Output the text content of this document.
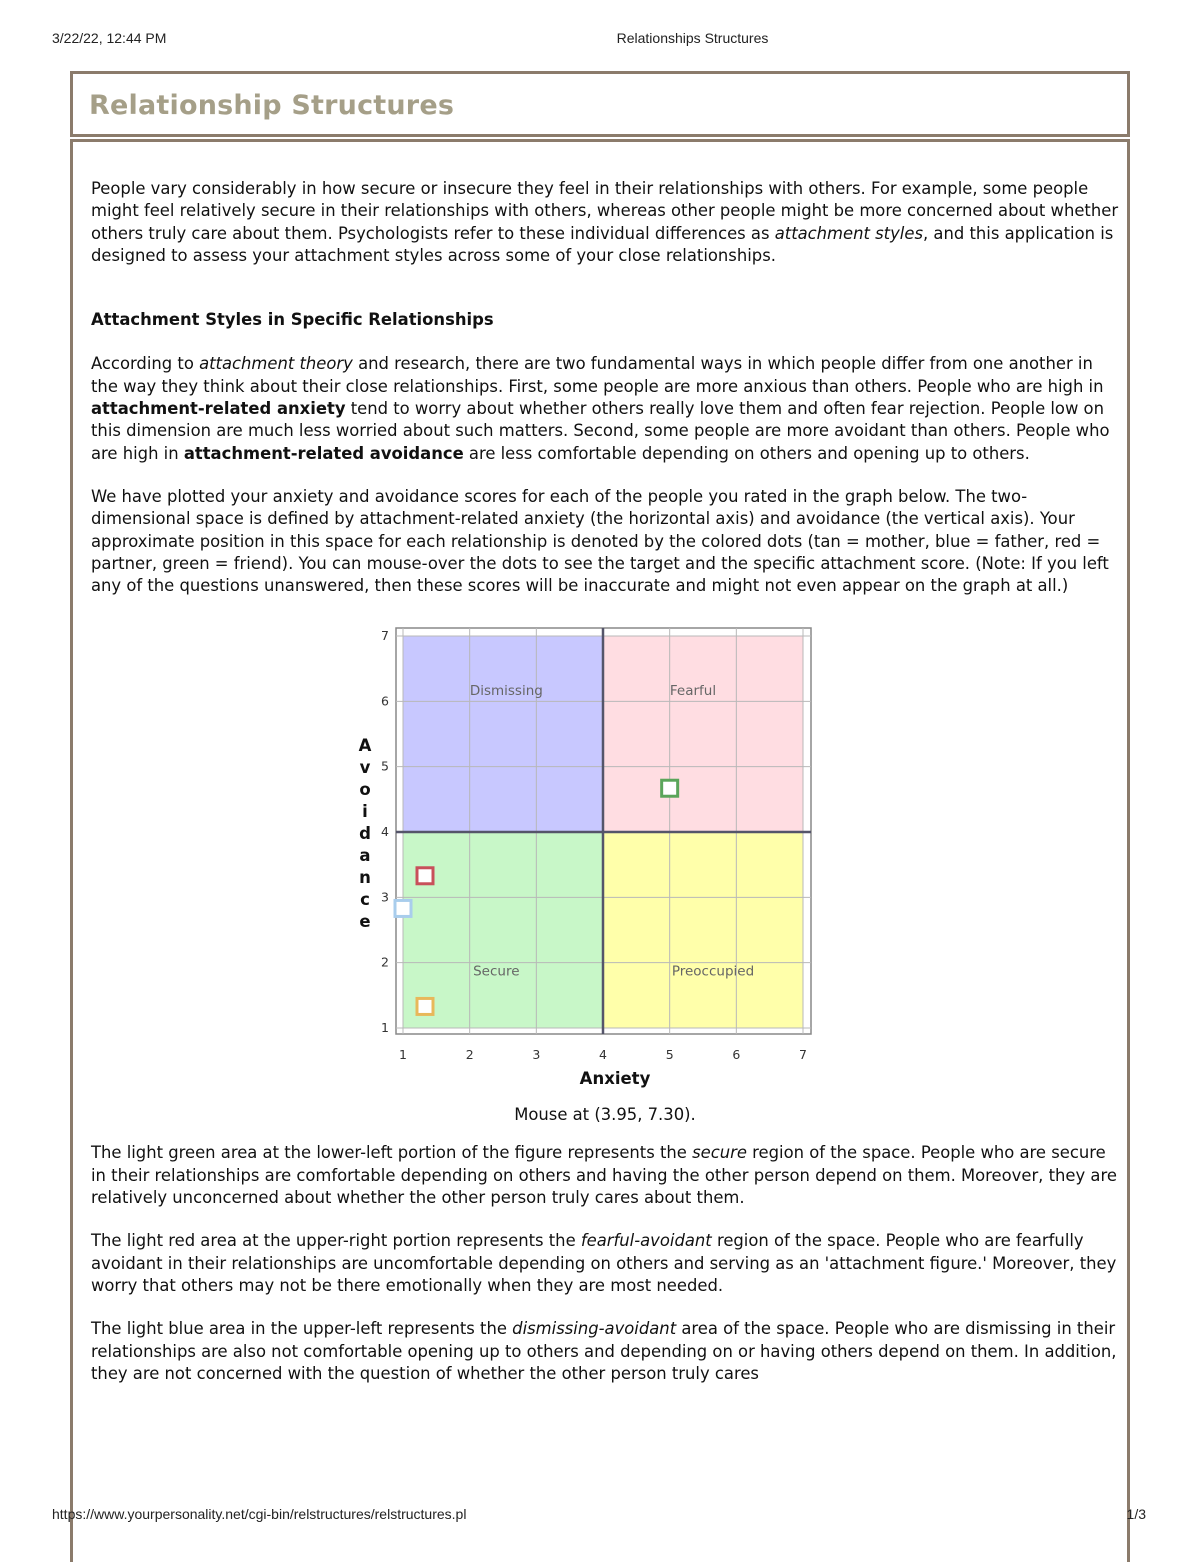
3/22/22, 12:44 PM	Relationships Structures
Relationship Structures

People vary considerably in how secure or insecure they feel in their relationships with others. For example, some people might feel relatively secure in their relationships with others, whereas other people might be more concerned about whether others truly care about them. Psychologists refer to these individual differences as attachment styles, and this application is designed to assess your attachment styles across some of your close relationships.

Attachment Styles in Specific Relationships

According to attachment theory and research, there are two fundamental ways in which people differ from one another in the way they think about their close relationships. First, some people are more anxious than others. People who are high in attachment-related anxiety tend to worry about whether others really love them and often fear rejection. People low on this dimension are much less worried about such matters. Second, some people are more avoidant than others. People who are high in attachment-related avoidance are less comfortable depending on others and opening up to others.

We have plotted your anxiety and avoidance scores for each of the people you rated in the graph below. The two-dimensional space is defined by attachment-related anxiety (the horizontal axis) and avoidance (the vertical axis). Your approximate position in this space for each relationship is denoted by the colored dots (tan = mother, blue = father, red = partner, green = friend). You can mouse-over the dots to see the target and the specific attachment score. (Note: If you left any of the questions unanswered, then these scores will be inaccurate and might not even appear on the graph at all.)

Dismissing	Fearful
Secure	Preoccupied
1	2	3	4	5	6	7
1
2
3
4
5
6
7
Anxiety
A v o i d a n c e
Mouse at (3.95, 7.30).

The light green area at the lower-left portion of the figure represents the secure region of the space. People who are secure in their relationships are comfortable depending on others and having the other person depend on them. Moreover, they are relatively unconcerned about whether the other person truly cares about them.

The light red area at the upper-right portion represents the fearful-avoidant region of the space. People who are fearfully avoidant in their relationships are uncomfortable depending on others and serving as an 'attachment figure.' Moreover, they worry that others may not be there emotionally when they are most needed.

The light blue area in the upper-left represents the dismissing-avoidant area of the space. People who are dismissing in their relationships are also not comfortable opening up to others and depending on or having others depend on them. In addition, they are not concerned with the question of whether the other person truly cares

https://www.yourpersonality.net/cgi-bin/relstructures/relstructures.pl	1/3
